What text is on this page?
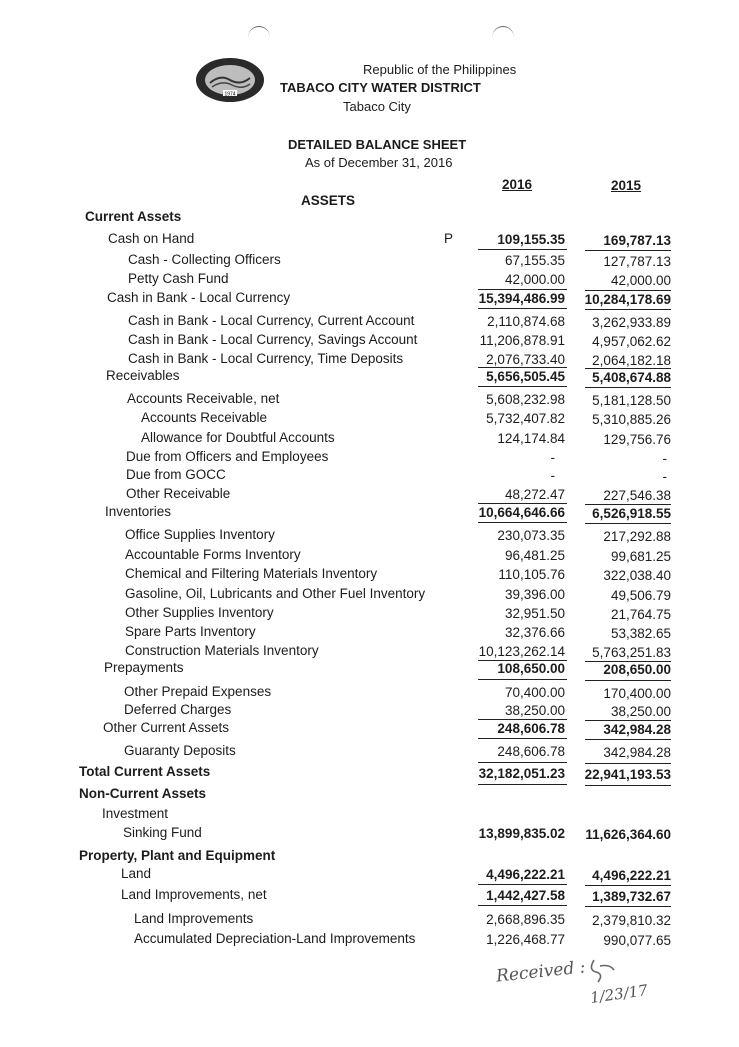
1974
Republic of the Philippines
TABACO CITY WATER DISTRICT
Tabaco City
DETAILED BALANCE SHEET
As of December 31, 2016
2016	2015
ASSETS
P
Current Assets
Cash on Hand
Cash - Collecting Officers
Petty Cash Fund
Cash in Bank - Local Currency
Cash in Bank - Local Currency, Current Account
Cash in Bank - Local Currency, Savings Account
Cash in Bank - Local Currency, Time Deposits
Receivables
Accounts Receivable, net
Accounts Receivable
Allowance for Doubtful Accounts
Due from Officers and Employees
Due from GOCC
Other Receivable
Inventories
Office Supplies Inventory
Accountable Forms Inventory
Chemical and Filtering Materials Inventory
Gasoline, Oil, Lubricants and Other Fuel Inventory
Other Supplies Inventory
Spare Parts Inventory
Construction Materials Inventory
Prepayments
Other Prepaid Expenses
Deferred Charges
Other Current Assets
Guaranty Deposits
Total Current Assets
Non-Current Assets
Investment
Sinking Fund
Property, Plant and Equipment
Land
Land Improvements, net
Land Improvements
Accumulated Depreciation-Land Improvements
109,155.35
67,155.35
42,000.00
15,394,486.99
2,110,874.68
11,206,878.91
2,076,733.40
5,656,505.45
5,608,232.98
5,732,407.82
124,174.84
-
-
48,272.47
10,664,646.66
230,073.35
96,481.25
110,105.76
39,396.00
32,951.50
32,376.66
10,123,262.14
108,650.00
70,400.00
38,250.00
248,606.78
248,606.78
32,182,051.23
13,899,835.02
4,496,222.21
1,442,427.58
2,668,896.35
1,226,468.77
169,787.13
127,787.13
42,000.00
10,284,178.69
3,262,933.89
4,957,062.62
2,064,182.18
5,408,674.88
5,181,128.50
5,310,885.26
129,756.76
-
-
227,546.38
6,526,918.55
217,292.88
99,681.25
322,038.40
49,506.79
21,764.75
53,382.65
5,763,251.83
208,650.00
170,400.00
38,250.00
342,984.28
342,984.28
22,941,193.53
11,626,364.60
4,496,222.21
1,389,732.67
2,379,810.32
990,077.65
Received :
1/23/17
